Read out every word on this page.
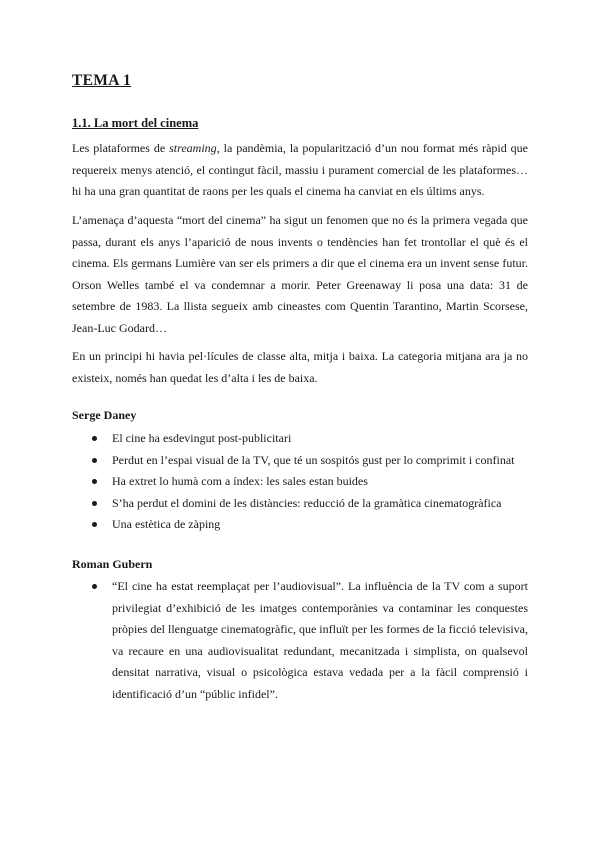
TEMA 1
1.1. La mort del cinema

Les plataformes de streaming, la pandèmia, la popularització d’un nou format més ràpid que requereix menys atenció, el contingut fàcil, massiu i purament comercial de les plataformes… hi ha una gran quantitat de raons per les quals el cinema ha canviat en els últims anys.

L’amenaça d’aquesta “mort del cinema” ha sigut un fenomen que no és la primera vegada que passa, durant els anys l’aparició de nous invents o tendències han fet trontollar el què és el cinema. Els germans Lumière van ser els primers a dir que el cinema era un invent sense futur. Orson Welles també el va condemnar a morir. Peter Greenaway li posa una data: 31 de setembre de 1983. La llista segueix amb cineastes com Quentin Tarantino, Martin Scorsese, Jean-Luc Godard…

En un principi hi havia pel·lícules de classe alta, mitja i baixa. La categoria mitjana ara ja no existeix, només han quedat les d’alta i les de baixa.

Serge Daney
El cine ha esdevingut post-publicitari
Perdut en l’espai visual de la TV, que té un sospitós gust per lo comprimit i confinat
Ha extret lo humà com a índex: les sales estan buides
S’ha perdut el domini de les distàncies: reducció de la gramàtica cinematogràfica
Una estètica de zàping
Roman Gubern

“El cine ha estat reemplaçat per l’audiovisual”. La influència de la TV com a suport privilegiat d’exhibició de les imatges contemporànies va contaminar les conquestes pròpies del llenguatge cinematogràfic, que influït per les formes de la ficció televisiva, va recaure en una audiovisualitat redundant, mecanitzada i simplista, on qualsevol densitat narrativa, visual o psicològica estava vedada per a la fàcil comprensió i identificació d’un “públic infidel”.
